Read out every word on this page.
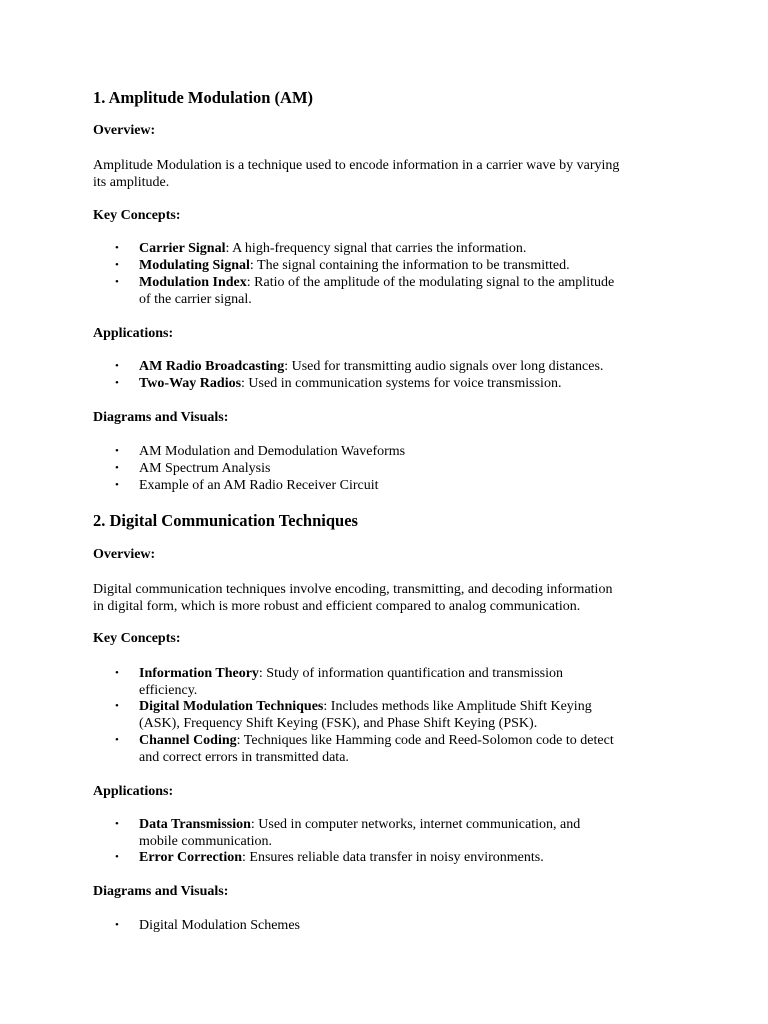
1. Amplitude Modulation (AM)
Overview:
Amplitude Modulation is a technique used to encode information in a carrier wave by varying
its amplitude.
Key Concepts:
• Carrier Signal: A high-frequency signal that carries the information.
• Modulating Signal: The signal containing the information to be transmitted.
• Modulation Index: Ratio of the amplitude of the modulating signal to the amplitude
of the carrier signal.
Applications:
• AM Radio Broadcasting: Used for transmitting audio signals over long distances.
• Two-Way Radios: Used in communication systems for voice transmission.
Diagrams and Visuals:
• AM Modulation and Demodulation Waveforms
• AM Spectrum Analysis
• Example of an AM Radio Receiver Circuit
2. Digital Communication Techniques
Overview:
Digital communication techniques involve encoding, transmitting, and decoding information
in digital form, which is more robust and efficient compared to analog communication.
Key Concepts:
• Information Theory: Study of information quantification and transmission
efficiency.
• Digital Modulation Techniques: Includes methods like Amplitude Shift Keying
(ASK), Frequency Shift Keying (FSK), and Phase Shift Keying (PSK).
• Channel Coding: Techniques like Hamming code and Reed-Solomon code to detect
and correct errors in transmitted data.
Applications:
• Data Transmission: Used in computer networks, internet communication, and
mobile communication.
• Error Correction: Ensures reliable data transfer in noisy environments.
Diagrams and Visuals:
• Digital Modulation Schemes
